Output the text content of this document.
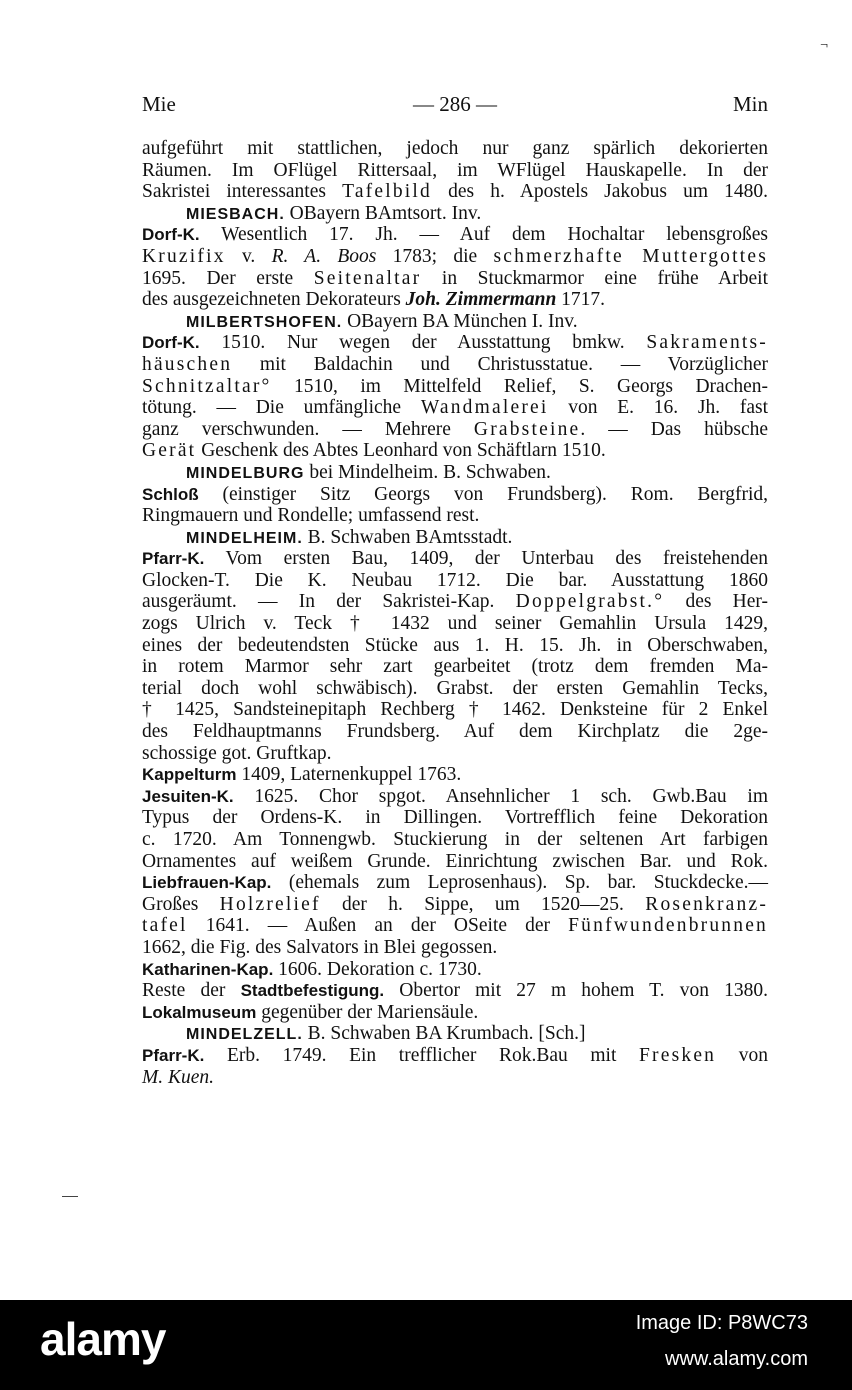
¬
Mie	— 286 —	Min
aufgeführt mit stattlichen, jedoch nur ganz spärlich dekorierten
Räumen. Im OFlügel Rittersaal, im WFlügel Hauskapelle. In der
Sakristei interessantes Tafelbild des h. Apostels Jakobus um 1480.
MIESBACH. OBayern BAmtsort. Inv.
Dorf-K. Wesentlich 17. Jh. — Auf dem Hochaltar lebensgroßes
Kruzifix v. R. A. Boos 1783; die schmerzhafte Muttergottes
1695. Der erste Seitenaltar in Stuckmarmor eine frühe Arbeit
des ausgezeichneten Dekorateurs Joh. Zimmermann 1717.
MILBERTSHOFEN. OBayern BA München I. Inv.
Dorf-K. 1510. Nur wegen der Ausstattung bmkw. Sakraments-
häuschen mit Baldachin und Christusstatue. — Vorzüglicher
Schnitzaltar° 1510, im Mittelfeld Relief, S. Georgs Drachen-
tötung. — Die umfängliche Wandmalerei von E. 16. Jh. fast
ganz verschwunden. — Mehrere Grabsteine. — Das hübsche
Gerät Geschenk des Abtes Leonhard von Schäftlarn 1510.
MINDELBURG bei Mindelheim. B. Schwaben.
Schloß (einstiger Sitz Georgs von Frundsberg). Rom. Bergfrid,
Ringmauern und Rondelle; umfassend rest.
MINDELHEIM. B. Schwaben BAmtsstadt.
Pfarr-K. Vom ersten Bau, 1409, der Unterbau des freistehenden
Glocken-T. Die K. Neubau 1712. Die bar. Ausstattung 1860
ausgeräumt. — In der Sakristei-Kap. Doppelgrabst.° des Her-
zogs Ulrich v. Teck † 1432 und seiner Gemahlin Ursula 1429,
eines der bedeutendsten Stücke aus 1. H. 15. Jh. in Oberschwaben,
in rotem Marmor sehr zart gearbeitet (trotz dem fremden Ma-
terial doch wohl schwäbisch). Grabst. der ersten Gemahlin Tecks,
† 1425, Sandsteinepitaph Rechberg † 1462. Denksteine für 2 Enkel
des Feldhauptmanns Frundsberg. Auf dem Kirchplatz die 2ge-
schossige got. Gruftkap.
Kappelturm 1409, Laternenkuppel 1763.
Jesuiten-K. 1625. Chor spgot. Ansehnlicher 1 sch. Gwb.Bau im
Typus der Ordens-K. in Dillingen. Vortrefflich feine Dekoration
c. 1720. Am Tonnengwb. Stuckierung in der seltenen Art farbigen
Ornamentes auf weißem Grunde. Einrichtung zwischen Bar. und Rok.
Liebfrauen-Kap. (ehemals zum Leprosenhaus). Sp. bar. Stuckdecke.—
Großes Holzrelief der h. Sippe, um 1520—25. Rosenkranz-
tafel 1641. — Außen an der OSeite der Fünfwundenbrunnen
1662, die Fig. des Salvators in Blei gegossen.
Katharinen-Kap. 1606. Dekoration c. 1730.
Reste der Stadtbefestigung. Obertor mit 27 m hohem T. von 1380.
Lokalmuseum gegenüber der Mariensäule.
MINDELZELL. B. Schwaben BA Krumbach. [Sch.]
Pfarr-K. Erb. 1749. Ein trefflicher Rok.Bau mit Fresken von
M. Kuen.
alamy	Image ID: P8WC73
www.alamy.com
